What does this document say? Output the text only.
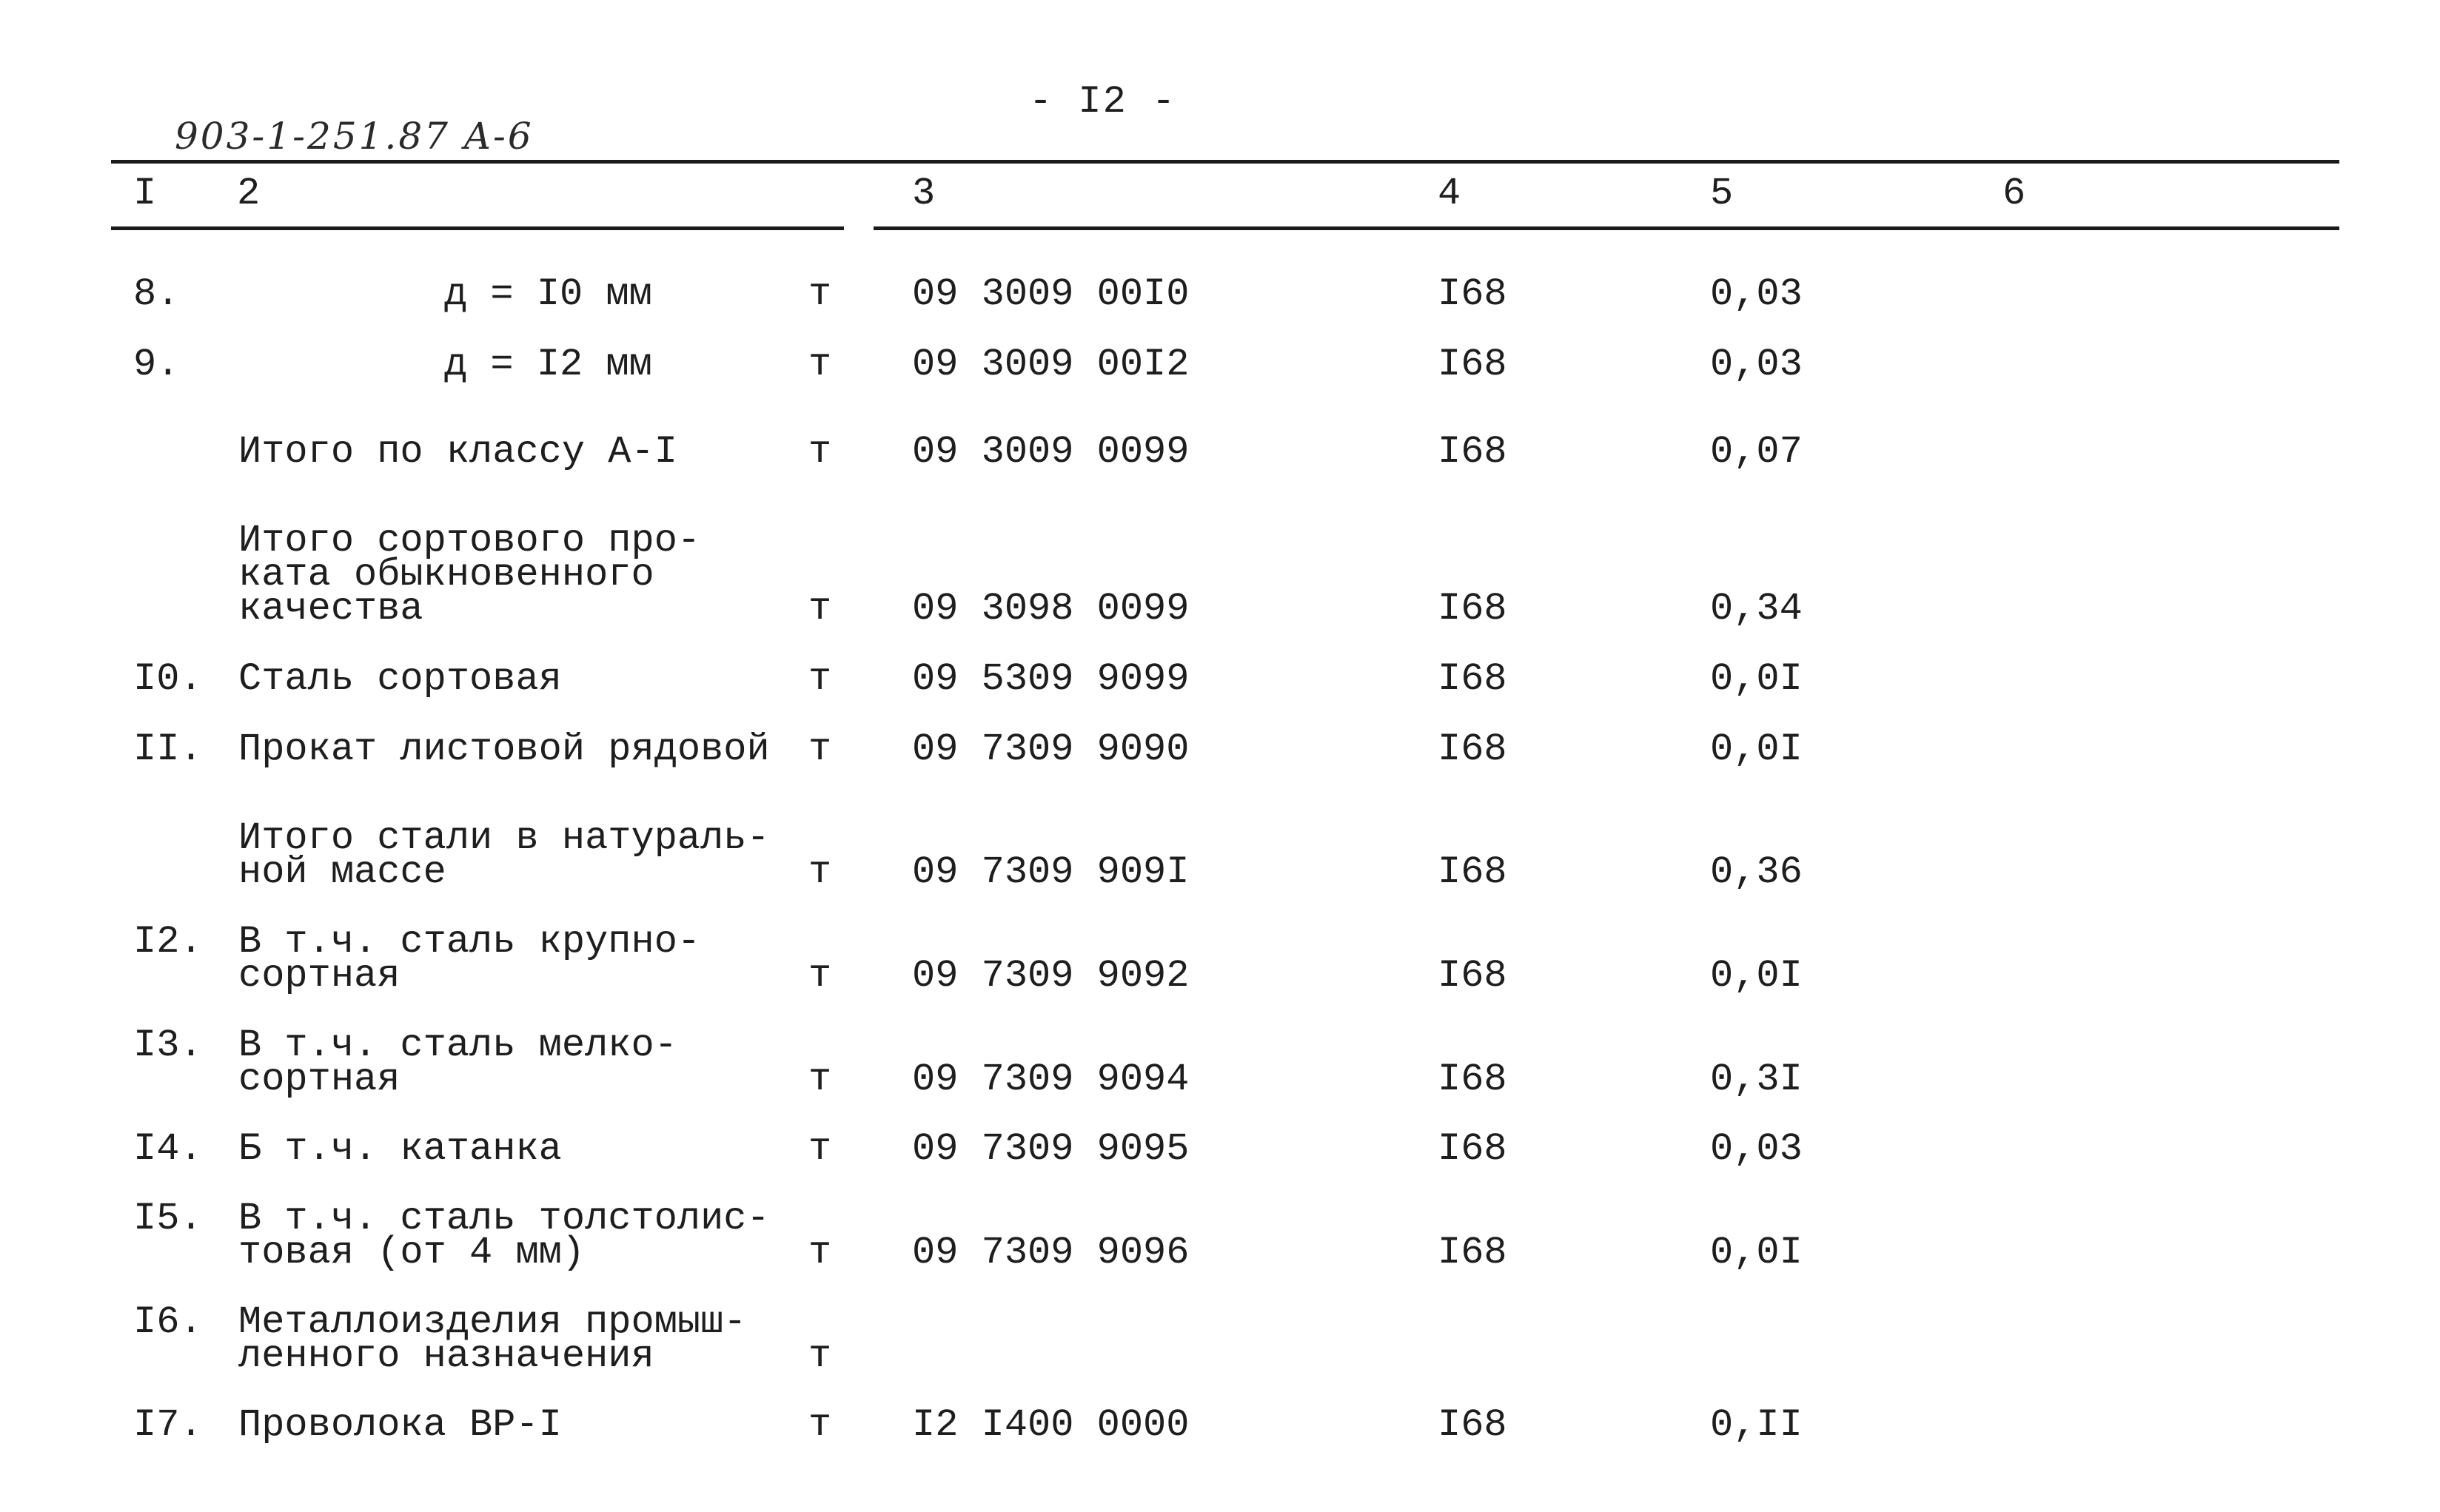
- I2 -
903-1-251.87 A-6
I 2	3	4	5	6
8.	д = I0 мм	т 09 3009 00I0	I68	0,03
9.	д = I2 мм	т 09 3009 00I2	I68	0,03
Итого по классу А-I	т 09 3009 0099	I68	0,07
Итого сортового про-
ката обыкновенного
качества	т 09 3098 0099	I68	0,34
I0. Сталь сортовая	т 09 5309 9099	I68	0,0I
II. Прокат листовой рядовой т 09 7309 9090	I68	0,0I
Итого стали в натураль-
ной массе	т 09 7309 909I	I68	0,36
I2. В т.ч. сталь крупно-
сортная	т 09 7309 9092	I68	0,0I
I3. В т.ч. сталь мелко-
сортная	т 09 7309 9094	I68	0,3I
I4. Б т.ч. катанка	т 09 7309 9095	I68	0,03
I5. В т.ч. сталь толстолис-
товая (от 4 мм)	т 09 7309 9096	I68	0,0I
I6. Металлоизделия промыш-
ленного назначения	т
I7. Проволока ВР-I	т I2 I400 0000	I68	0,II
